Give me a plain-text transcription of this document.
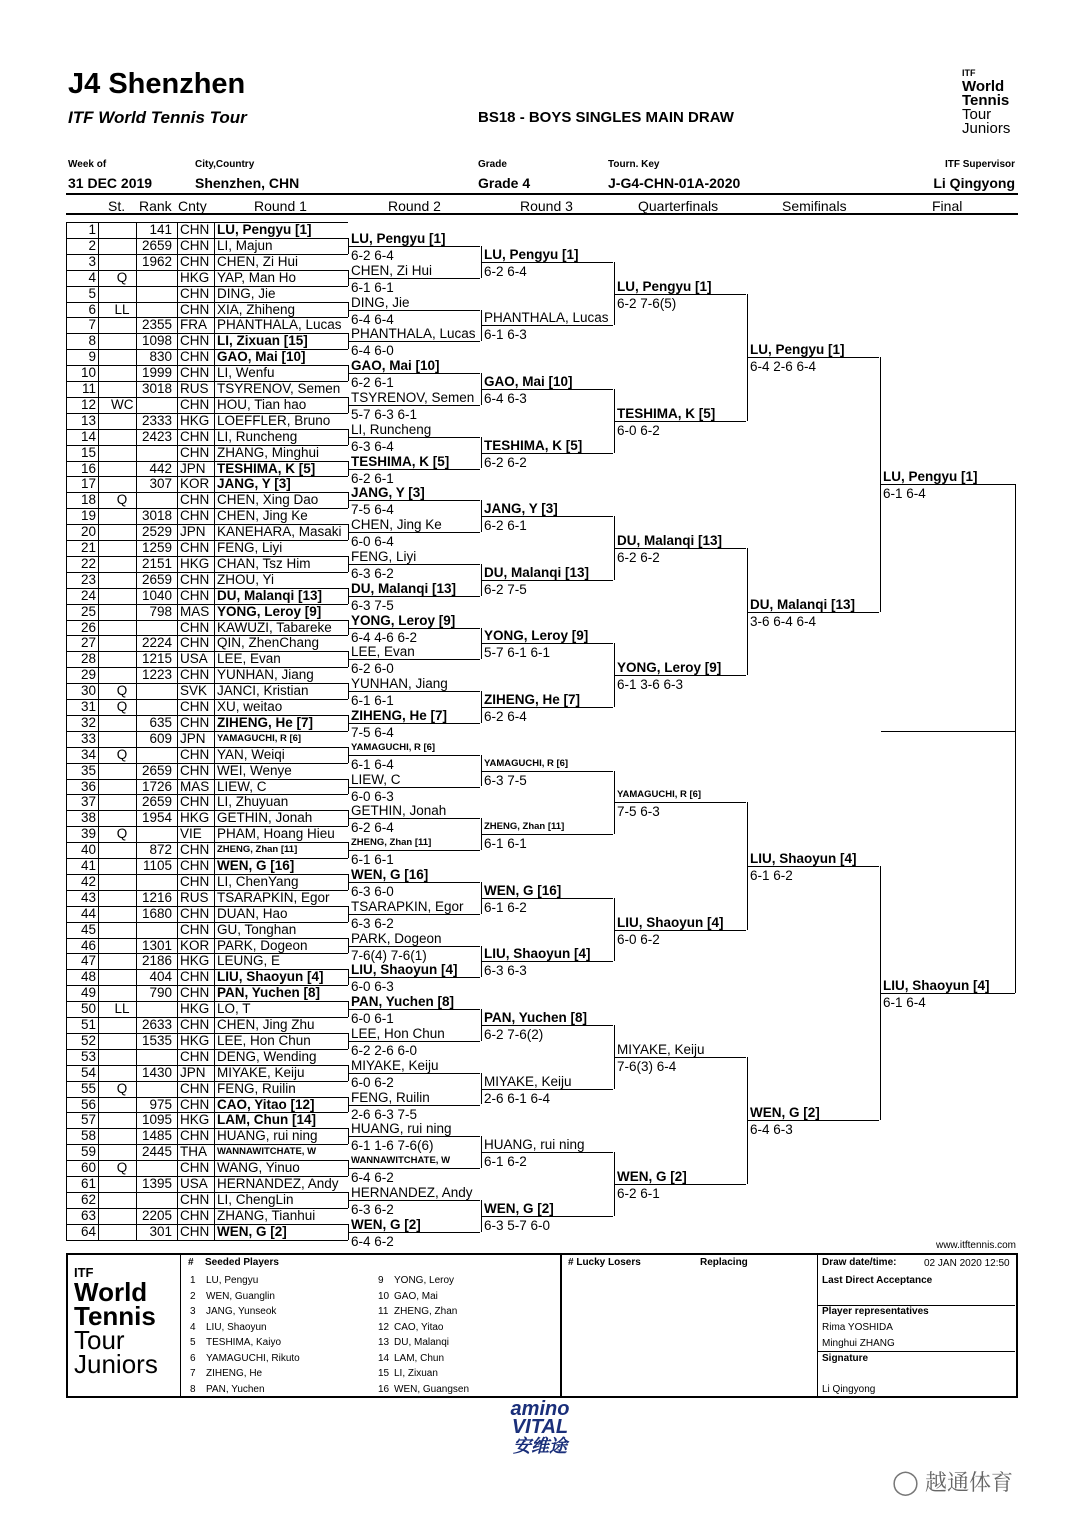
J4 Shenzhen
ITF World Tennis Tour	BS18 - BOYS SINGLES MAIN DRAW
ITF
World
Tennis
Tour
Juniors
Week of
31 DEC 2019
City,Country
Shenzhen, CHN
Grade
Grade 4
Tourn. Key
J-G4-CHN-01A-2020
ITF Supervisor
Li Qingyong
St. Rank Cnty	Round 1	Round 2	Round 3	Quarterfinals	Semifinals	Final
1	141 CHN LU, Pengyu [1]
2	2659 CHN LI, Majun
3	1962 CHN CHEN, Zi Hui
4	Q	HKG YAP, Man Ho
5	CHN DING, Jie
6 LL	CHN XIA, Zhiheng
7	2355 FRA PHANTHALA, Lucas
8	1098 CHN LI, Zixuan [15]
9	830 CHN GAO, Mai [10]
10	1999 CHN LI, Wenfu
11	3018 RUS TSYRENOV, Semen
12 WC	CHN HOU, Tian hao
13	2333 HKG LOEFFLER, Bruno
14	2423 CHN LI, Runcheng
15	CHN ZHANG, Minghui
16	442 JPN TESHIMA, K [5]
17	307 KOR JANG, Y [3]
18	Q	CHN CHEN, Xing Dao
19	3018 CHN CHEN, Jing Ke
20	2529 JPN KANEHARA, Masaki
21	1259 CHN FENG, Liyi
22	2151 HKG CHAN, Tsz Him
23	2659 CHN ZHOU, Yi
24	1040 CHN DU, Malanqi [13]
25	798 MAS YONG, Leroy [9]
26	CHN KAWUZI, Tabareke
27	2224 CHN QIN, ZhenChang
28	1215 USA LEE, Evan
29	1223 CHN YUNHAN, Jiang
30	Q	SVK JANCI, Kristian
31	Q	CHN XU, weitao
32	635 CHN ZIHENG, He [7]
33	609 JPN YAMAGUCHI, R [6]
34	Q	CHN YAN, Weiqi
35	2659 CHN WEI, Wenye
36	1726 MAS LIEW, C
37	2659 CHN LI, Zhuyuan
38	1954 HKG GETHIN, Jonah
39	Q	VIE PHAM, Hoang Hieu
40	872 CHN ZHENG, Zhan [11]
41	1105 CHN WEN, G [16]
42	CHN LI, ChenYang
43	1216 RUS TSARAPKIN, Egor
44	1680 CHN DUAN, Hao
45	CHN GU, Tonghan
46	1301 KOR PARK, Dogeon
47	2186 HKG LEUNG, E
48	404 CHN LIU, Shaoyun [4]
49	790 CHN PAN, Yuchen [8]
50 LL	HKG LO, T
51	2633 CHN CHEN, Jing Zhu
52	1535 HKG LEE, Hon Chun
53	CHN DENG, Wending
54	1430 JPN MIYAKE, Keiju
55	Q	CHN FENG, Ruilin
56	975 CHN CAO, Yitao [12]
57	1095 HKG LAM, Chun [14]
58	1485 CHN HUANG, rui ning
59	2445 THA WANNAWITCHATE, W
60	Q	CHN WANG, Yinuo
61	1395 USA HERNANDEZ, Andy
62	CHN LI, ChengLin
63	2205 CHN ZHANG, Tianhui
64	301 CHN WEN, G [2]
LU, Pengyu [1]
6-2 6-4
CHEN, Zi Hui
6-1 6-1
DING, Jie
6-4 6-4
PHANTHALA, Lucas
6-4 6-0
GAO, Mai [10]
6-2 6-1
TSYRENOV, Semen
5-7 6-3 6-1
LI, Runcheng
6-3 6-4
TESHIMA, K [5]
6-2 6-1
JANG, Y [3]
7-5 6-4
CHEN, Jing Ke
6-0 6-4
FENG, Liyi
6-3 6-2
DU, Malanqi [13]
6-3 7-5
YONG, Leroy [9]
6-4 4-6 6-2
LEE, Evan
6-2 6-0
YUNHAN, Jiang
6-1 6-1
ZIHENG, He [7]
7-5 6-4
YAMAGUCHI, R [6]
6-1 6-4
LIEW, C
6-0 6-3
GETHIN, Jonah
6-2 6-4
ZHENG, Zhan [11]
6-1 6-1
WEN, G [16]
6-3 6-0
TSARAPKIN, Egor
6-3 6-2
PARK, Dogeon
7-6(4) 7-6(1)
LIU, Shaoyun [4]
6-0 6-3
PAN, Yuchen [8]
6-0 6-1
LEE, Hon Chun
6-2 2-6 6-0
MIYAKE, Keiju
6-0 6-2
FENG, Ruilin
2-6 6-3 7-5
HUANG, rui ning
6-1 1-6 7-6(6)
WANNAWITCHATE, W
6-4 6-2
HERNANDEZ, Andy
6-3 6-2
WEN, G [2]
6-4 6-2
LU, Pengyu [1]
6-2 6-4
PHANTHALA, Lucas
6-1 6-3
GAO, Mai [10]
6-4 6-3
TESHIMA, K [5]
6-2 6-2
JANG, Y [3]
6-2 6-1
DU, Malanqi [13]
6-2 7-5
YONG, Leroy [9]
5-7 6-1 6-1
ZIHENG, He [7]
6-2 6-4
YAMAGUCHI, R [6]
6-3 7-5
ZHENG, Zhan [11]
6-1 6-1
WEN, G [16]
6-1 6-2
LIU, Shaoyun [4]
6-3 6-3
PAN, Yuchen [8]
6-2 7-6(2)
MIYAKE, Keiju
2-6 6-1 6-4
HUANG, rui ning
6-1 6-2
WEN, G [2]
6-3 5-7 6-0
LU, Pengyu [1]
6-2 7-6(5)
TESHIMA, K [5]
6-0 6-2
DU, Malanqi [13]
6-2 6-2
YONG, Leroy [9]
6-1 3-6 6-3
YAMAGUCHI, R [6]
7-5 6-3
LIU, Shaoyun [4]
6-0 6-2
MIYAKE, Keiju
7-6(3) 6-4
WEN, G [2]
6-2 6-1
LU, Pengyu [1]
6-4 2-6 6-4
DU, Malanqi [13]
3-6 6-4 6-4
LIU, Shaoyun [4]
6-1 6-2
WEN, G [2]
6-4 6-3
LU, Pengyu [1]
6-1 6-4
LIU, Shaoyun [4]
6-1 6-4
www.itftennis.com
ITF
World
Tennis
Tour
Juniors
# Seeded Players
1 LU, Pengyu
2 WEN, Guanglin
3 JANG, Yunseok
4 LIU, Shaoyun
5 TESHIMA, Kaiyo
6 YAMAGUCHI, Rikuto
7 ZIHENG, He
8 PAN, Yuchen
9 YONG, Leroy
10 GAO, Mai
11 ZHENG, Zhan
12 CAO, Yitao
13 DU, Malanqi
14 LAM, Chun
15 LI, Zixuan
16 WEN, Guangsen
# Lucky Losers	Replacing	Draw date/time:	02 JAN 2020 12:50
Last Direct Acceptance
Player representatives
Rima YOSHIDA
Minghui ZHANG
Signature
Li Qingyong
amino
VITAL
安维途
◯ 越通体育
